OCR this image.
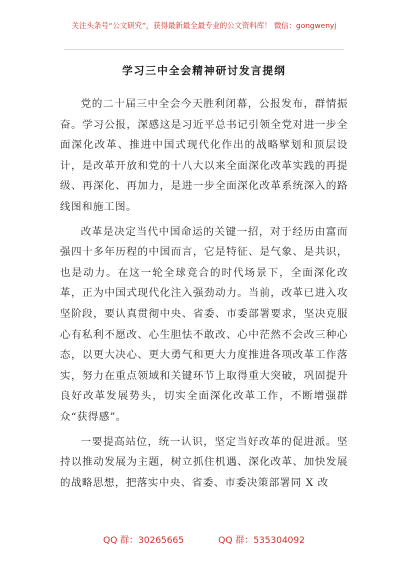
关注头条号“公文研究”，获得最新最全最专业的公文资料库！ 微信：gongwenyj
学习三中全会精神研讨发言提纲

党的二十届三中全会今天胜利闭幕，公报发布，群情振奋。学习公报，深感这是习近平总书记引领全党对进一步全面深化改革、推进中国式现代化作出的战略擘划和顶层设计，是改革开放和党的十八大以来全面深化改革实践的再提级、再深化、再加力，是进一步全面深化改革系统深入的路线图和施工图。

改革是决定当代中国命运的关键一招，对于经历由富而强四十多年历程的中国而言，它是特征、是气象、是共识，也是动力。在这一轮全球竞合的时代场景下，全面深化改革，正为中国式现代化注入强劲动力。当前，改革已进入攻坚阶段，要认真贯彻中央、省委、市委部署要求，坚决克服心有私利不愿改、心生胆怯不敢改、心中茫然不会改三种心态，以更大决心、更大勇气和更大力度推进各项改革工作落实，努力在重点领域和关键环节上取得重大突破，巩固提升良好改革发展势头，切实全面深化改革工作，不断增强群众“获得感”。

一要提高站位，统一认识，坚定当好改革的促进派。坚持以推动发展为主题，树立抓住机遇、深化改革、加快发展的战略思想，把落实中央、省委、市委决策部署同 X 改

QQ 群：30265665	QQ 群：535304092
